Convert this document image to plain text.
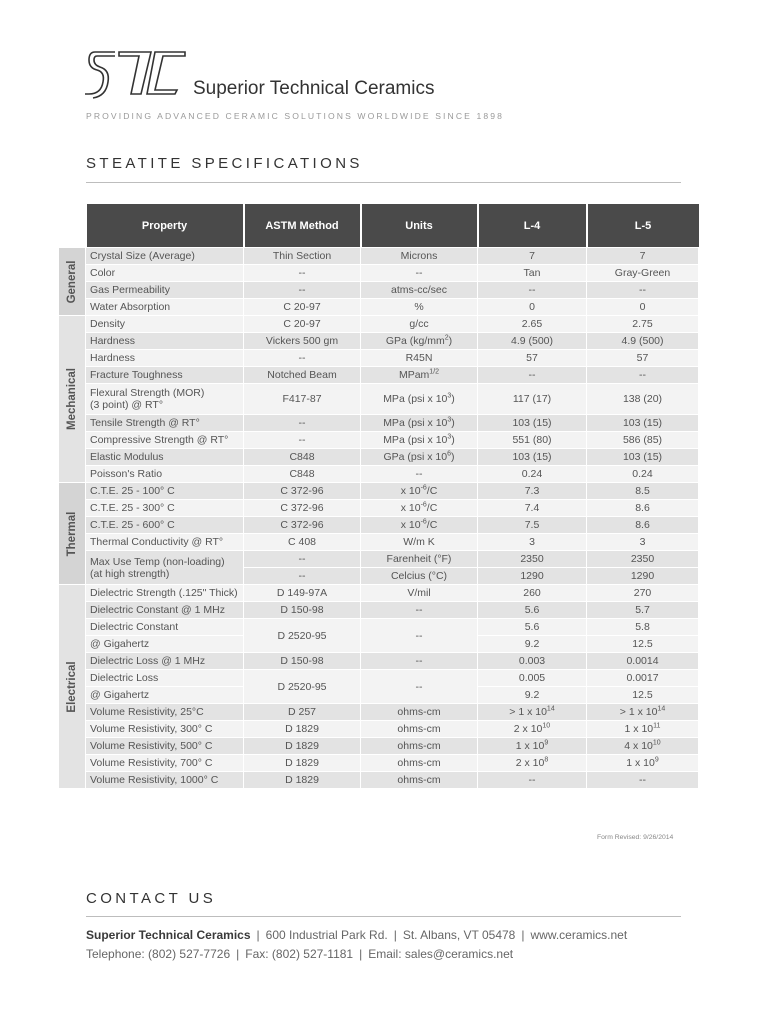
Superior Technical Ceramics
PROVIDING ADVANCED CERAMIC SOLUTIONS WORLDWIDE SINCE 1898
STEATITE SPECIFICATIONS
	Property	ASTM Method	Units	L-4	L-5

General	Crystal Size (Average)	Thin Section	Microns	7	7
	Color	--	--	Tan	Gray-Green
	Gas Permeability	--	atms-cc/sec	--	--
	Water Absorption	C 20-97	%	0	0

Mechanical	Density	C 20-97	g/cc	2.65	2.75
	Hardness	Vickers 500 gm	GPa $(kg/mm^2)$	4.9 (500)	4.9 (500)
	Hardness	--	R45N	57	57
	Fracture Toughness	Notched Beam	MPam$^{1/2}$	--	--

	Flexural Strength (MOR)
(3 point) @ RT°	F417-87	MPa (psi x $10^3$)	117 (17)	138 (20)
	Tensile Strength @ RT°	--	MPa (psi x $10^3$)	103 (15)	103 (15)
	Compressive Strength @ RT°	--	MPa (psi x $10^3$)	551 (80)	586 (85)
	Elastic Modulus	C848	GPa (psi x $10^6$)	103 (15)	103 (15)
	Poisson's Ratio	C848	--	0.24	0.24

Thermal	C.T.E. 25 - 100° C	C 372-96	x $10^{-6}/C$	7.3	8.5
	C.T.E. 25 - 300° C	C 372-96	x $10^{-6}/C$	7.4	8.6
	C.T.E. 25 - 600° C	C 372-96	x $10^{-6}/C$	7.5	8.6
	Thermal Conductivity @ RT°	C 408	W/m K	3	3

	Max Use Temp (non-loading)
(at high strength)	--	Farenheit (°F)	2350	2350
		--	Celcius (°C)	1290	1290

Electrical	Dielectric Strength (.125" Thick)	D 149-97A	V/mil	260	270
	Dielectric Constant @ 1 MHz	D 150-98	--	5.6	5.7
	Dielectric Constant	D 2520-95	--	5.6	5.8
	@ Gigahertz			9.2	12.5
	Dielectric Loss @ 1 MHz	D 150-98	--	0.003	0.0014
	Dielectric Loss	D 2520-95	--	0.005	0.0017
	@ Gigahertz			9.2	12.5
	Volume Resistivity, 25°C	D 257	ohms-cm	> 1 x $10^{14}$	> 1 x $10^{14}$
	Volume Resistivity, 300° C	D 1829	ohms-cm	2 x $10^{10}$	1 x $10^{11}$
	Volume Resistivity, 500° C	D 1829	ohms-cm	1 x $10^9$	4 x $10^{10}$
	Volume Resistivity, 700° C	D 1829	ohms-cm	2 x $10^8$	1 x $10^9$
	Volume Resistivity, 1000° C	D 1829	ohms-cm	--	--
Form Revised: 9/26/2014
CONTACT US
Superior Technical Ceramics | 600 Industrial Park Rd. | St. Albans, VT 05478 | www.ceramics.net
Telephone: (802) 527-7726 | Fax: (802) 527-1181 | Email: sales@ceramics.net
